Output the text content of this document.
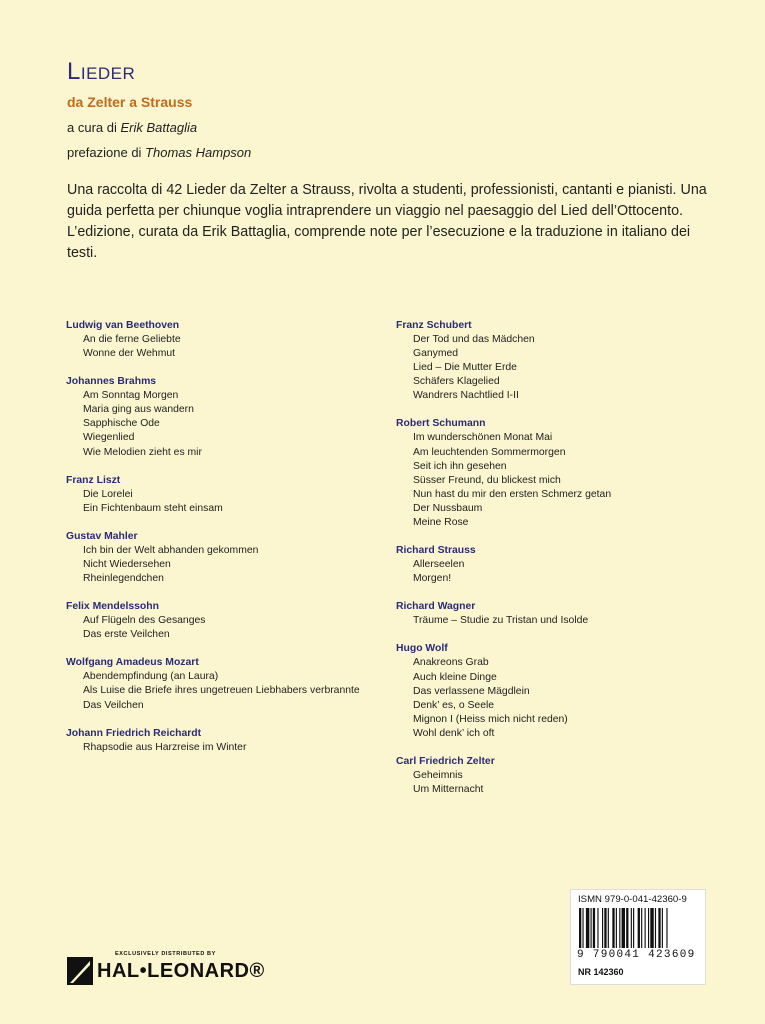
Lieder
da Zelter a Strauss
a cura di Erik Battaglia
prefazione di Thomas Hampson
Una raccolta di 42 Lieder da Zelter a Strauss, rivolta a studenti, professionisti, cantanti e pianisti. Una guida perfetta per chiunque voglia intraprendere un viaggio nel paesaggio del Lied dell’Ottocento. L’edizione, curata da Erik Battaglia, comprende note per l’esecuzione e la traduzione in italiano dei testi.
Ludwig van Beethoven
An die ferne Geliebte
Wonne der Wehmut
Johannes Brahms
Am Sonntag Morgen
Maria ging aus wandern
Sapphische Ode
Wiegenlied
Wie Melodien zieht es mir
Franz Liszt
Die Lorelei
Ein Fichtenbaum steht einsam
Gustav Mahler
Ich bin der Welt abhanden gekommen
Nicht Wiedersehen
Rheinlegendchen
Felix Mendelssohn
Auf Flügeln des Gesanges
Das erste Veilchen
Wolfgang Amadeus Mozart
Abendempfindung (an Laura)
Als Luise die Briefe ihres ungetreuen Liebhabers verbrannte
Das Veilchen
Johann Friedrich Reichardt
Rhapsodie aus Harzreise im Winter
Franz Schubert
Der Tod und das Mädchen
Ganymed
Lied – Die Mutter Erde
Schäfers Klagelied
Wandrers Nachtlied I-II
Robert Schumann
Im wunderschönen Monat Mai
Am leuchtenden Sommermorgen
Seit ich ihn gesehen
Süsser Freund, du blickest mich
Nun hast du mir den ersten Schmerz getan
Der Nussbaum
Meine Rose
Richard Strauss
Allerseelen
Morgen!
Richard Wagner
Träume – Studie zu Tristan und Isolde
Hugo Wolf
Anakreons Grab
Auch kleine Dinge
Das verlassene Mägdlein
Denk’ es, o Seele
Mignon I (Heiss mich nicht reden)
Wohl denk’ ich oft
Carl Friedrich Zelter
Geheimnis
Um Mitternacht
ISMN 979-0-041-42360-9
9 790041 423609
NR 142360
EXCLUSIVELY DISTRIBUTED BY
HAL•LEONARD®
